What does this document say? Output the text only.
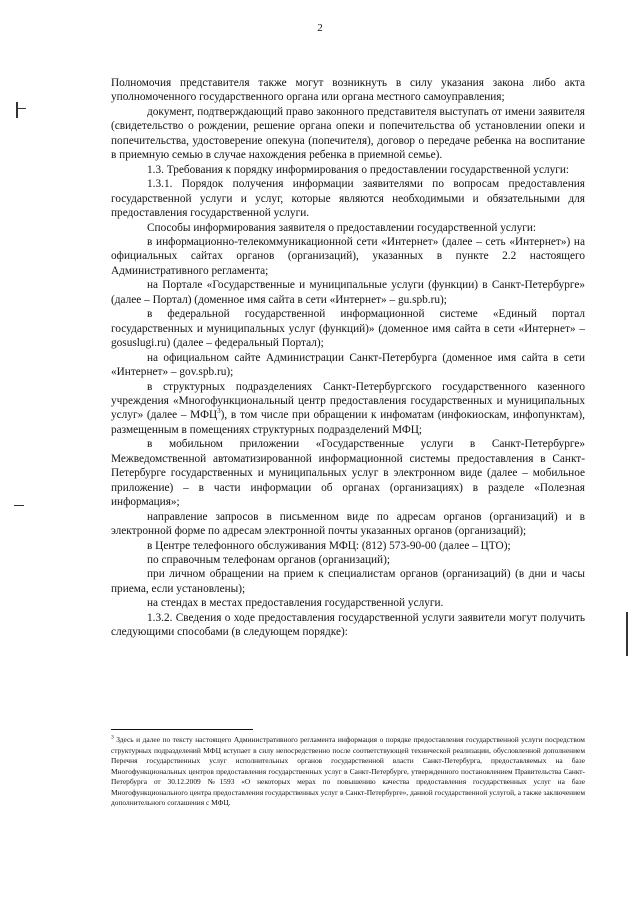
2

Полномочия представителя также могут возникнуть в силу указания закона либо акта уполномоченного государственного органа или органа местного самоуправления;

документ, подтверждающий право законного представителя выступать от имени заявителя (свидетельство о рождении, решение органа опеки и попечительства об установлении опеки и попечительства, удостоверение опекуна (попечителя), договор о передаче ребенка на воспитание в приемную семью в случае нахождения ребенка в приемной семье).

1.3. Требования к порядку информирования о предоставлении государственной услуги:

1.3.1. Порядок получения информации заявителями по вопросам предоставления государственной услуги и услуг, которые являются необходимыми и обязательными для предоставления государственной услуги.

Способы информирования заявителя о предоставлении государственной услуги:

в информационно-телекоммуникационной сети «Интернет» (далее – сеть «Интернет») на официальных сайтах органов (организаций), указанных в пункте 2.2 настоящего Административного регламента;

на Портале «Государственные и муниципальные услуги (функции) в Санкт-Петербурге» (далее – Портал) (доменное имя сайта в сети «Интернет» – gu.spb.ru);

в федеральной государственной информационной системе «Единый портал государственных и муниципальных услуг (функций)» (доменное имя сайта в сети «Интернет» – gosuslugi.ru) (далее – федеральный Портал);

на официальном сайте Администрации Санкт-Петербурга (доменное имя сайта в сети «Интернет» – gov.spb.ru);

в структурных подразделениях Санкт-Петербургского государственного казенного учреждения «Многофункциональный центр предоставления государственных и муниципальных услуг» (далее – МФЦ$^3$), в том числе при обращении к инфоматам (инфокиоскам, инфопунктам), размещенным в помещениях структурных подразделений МФЦ;

в мобильном приложении «Государственные услуги в Санкт-Петербурге» Межведомственной автоматизированной информационной системы предоставления в Санкт-Петербурге государственных и муниципальных услуг в электронном виде (далее – мобильное приложение) – в части информации об органах (организациях) в разделе «Полезная информация»;

направление запросов в письменном виде по адресам органов (организаций) и в электронной форме по адресам электронной почты указанных органов (организаций);

в Центре телефонного обслуживания МФЦ: (812) 573-90-00 (далее – ЦТО);

по справочным телефонам органов (организаций);

при личном обращении на прием к специалистам органов (организаций) (в дни и часы приема, если установлены);

на стендах в местах предоставления государственной услуги.

1.3.2. Сведения о ходе предоставления государственной услуги заявители могут получить следующими способами (в следующем порядке):

$^3$ Здесь и далее по тексту настоящего Административного регламента информация о порядке предоставления государственной услуги посредством структурных подразделений МФЦ вступает в силу непосредственно после соответствующей технической реализации, обусловленной дополнением Перечня государственных услуг исполнительных органов государственной власти Санкт-Петербурга, предоставляемых на базе Многофункциональных центров предоставления государственных услуг в Санкт-Петербурге, утвержденного постановлением Правительства Санкт-Петербурга от 30.12.2009 №1593 «О некоторых мерах по повышению качества предоставления государственных услуг на базе Многофункционального центра предоставления государственных услуг в Санкт-Петербурге», данной государственной услугой, а также заключением дополнительного соглашения с МФЦ.
